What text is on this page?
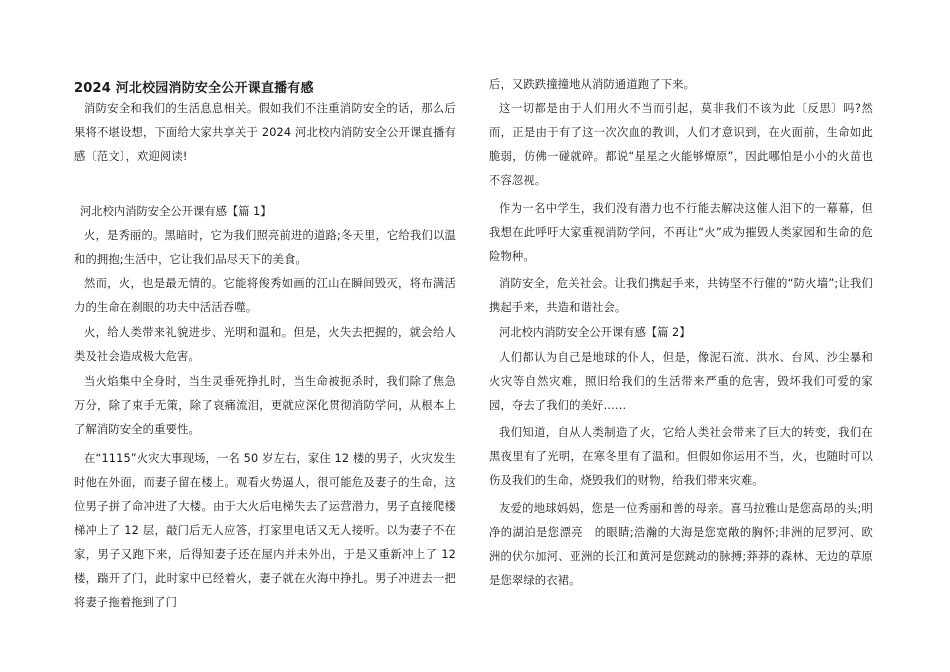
2024 河北校园消防安全公开课直播有感
消防安全和我们的生活息息相关。假如我们不注重消防安全的话，那么后果将不堪设想，下面给大家共享关于 2024 河北校内消防安全公开课直播有感〔范文〕，欢迎阅读!
河北校内消防安全公开课有感【篇 1】
火，是秀丽的。黑暗时，它为我们照亮前进的道路;冬天里，它给我们以温和的拥抱;生活中，它让我们品尽天下的美食。
然而，火，也是最无情的。它能将俊秀如画的江山在瞬间毁灭，将布满活力的生命在刹眼的功夫中活活吞噬。
火，给人类带来礼貌进步、光明和温和。但是，火失去把握的，就会给人类及社会造成极大危害。
当火焰集中全身时，当生灵垂死挣扎时，当生命被扼杀时，我们除了焦急万分，除了束手无策，除了哀痛流泪，更就应深化贯彻消防学问，从根本上了解消防安全的重要性。
在“1115”火灾大事现场，一名 50 岁左右，家住 12 楼的男子，火灾发生时他在外面，而妻子留在楼上。观看火势逼人，很可能危及妻子的生命，这位男子拼了命冲进了大楼。由于大火后电梯失去了运营潜力，男子直接爬楼梯冲上了 12 层，敲门后无人应答，打家里电话又无人接听。以为妻子不在家，男子又跑下来，后得知妻子还在屋内并未外出，于是又重新冲上了 12 楼，踹开了门，此时家中已经着火，妻子就在火海中挣扎。男子冲进去一把将妻子拖着拖到了门
后，又跌跌撞撞地从消防通道跑了下来。
这一切都是由于人们用火不当而引起，莫非我们不该为此〔反思〕吗?然而，正是由于有了这一次次血的教训，人们才意识到，在火面前，生命如此脆弱，仿佛一碰就碎。都说“星星之火能够燎原”，因此哪怕是小小的火苗也不容忽视。
作为一名中学生，我们没有潜力也不行能去解决这催人泪下的一幕幕，但我想在此呼吁大家重视消防学问，不再让“火”成为摧毁人类家园和生命的危险物种。
消防安全，危关社会。让我们携起手来，共铸坚不行催的“防火墙”;让我们携起手来，共造和谐社会。
河北校内消防安全公开课有感【篇 2】
人们都认为自己是地球的仆人，但是，像泥石流、洪水、台风、沙尘暴和火灾等自然灾难，照旧给我们的生活带来严重的危害，毁坏我们可爱的家园，夺去了我们的美好……
我们知道，自从人类制造了火，它给人类社会带来了巨大的转变，我们在黑夜里有了光明，在寒冬里有了温和。但假如你运用不当，火，也随时可以伤及我们的生命，烧毁我们的财物，给我们带来灾难。
友爱的地球妈妈，您是一位秀丽和善的母亲。喜马拉雅山是您高昂的头;明净的湖泊是您漂亮　的眼睛;浩瀚的大海是您宽敞的胸怀;非洲的尼罗河、欧洲的伏尔加河、亚洲的长江和黄河是您跳动的脉搏;莽莽的森林、无边的草原是您翠绿的衣裙。
